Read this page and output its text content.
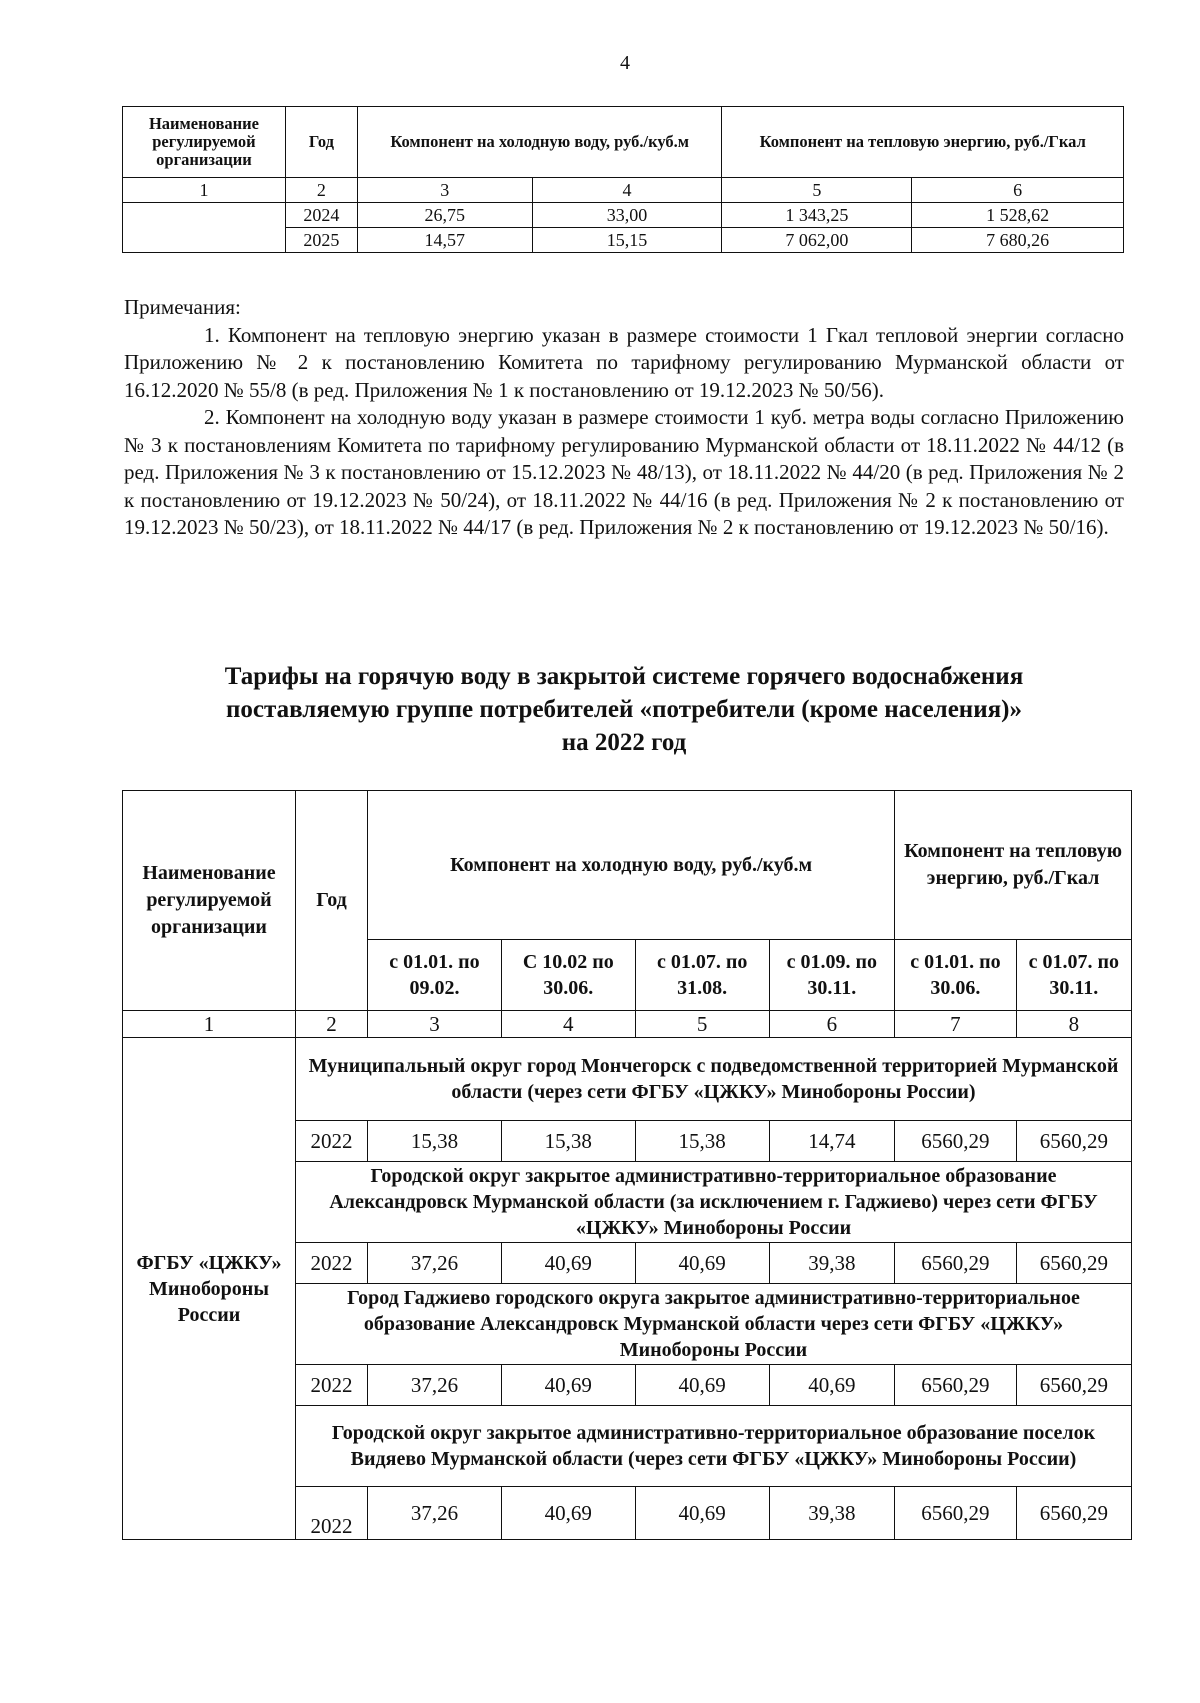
4
Наименование регулируемой организации	Год	Компонент на холодную воду, руб./куб.м		Компонент на тепловую энергию, руб./Гкал	
1	2	3	4	5	6
	2024	26,75	33,00	1 343,25	1 528,62
	2025	14,57	15,15	7 062,00	7 680,26

Примечания:

1. Компонент на тепловую энергию указан в размере стоимости 1 Гкал тепловой энергии согласно Приложению № 2 к постановлению Комитета по тарифному регулированию Мурманской области от 16.12.2020 № 55/8 (в ред. Приложения № 1 к постановлению от 19.12.2023 № 50/56).

2. Компонент на холодную воду указан в размере стоимости 1 куб. метра воды согласно Приложению № 3 к постановлениям Комитета по тарифному регулированию Мурманской области от 18.11.2022 № 44/12 (в ред. Приложения № 3 к постановлению от 15.12.2023 № 48/13), от 18.11.2022 № 44/20 (в ред. Приложения № 2 к постановлению от 19.12.2023 № 50/24), от 18.11.2022 № 44/16 (в ред. Приложения № 2 к постановлению от 19.12.2023 № 50/23), от 18.11.2022 № 44/17 (в ред. Приложения № 2 к постановлению от 19.12.2023 № 50/16).

Тарифы на горячую воду в закрытой системе горячего водоснабжения
поставляемую группе потребителей «потребители (кроме населения)»
на 2022 год
Наименование регулируемой организации	Год	Компонент на холодную воду, руб./куб.м				Компонент на тепловую энергию, руб./Гкал	
		с 01.01. по 09.02.	С 10.02 по 30.06.	с 01.07. по 31.08.	с 01.09. по 30.11.	с 01.01. по 30.06.	с 01.07. по 30.11.
1	2	3	4	5	6	7	8
ФГБУ «ЦЖКУ» Минобороны России	Муниципальный округ город Мончегорск с подведомственной территорией Мурманской области (через сети ФГБУ «ЦЖКУ» Минобороны России)						
	2022	15,38	15,38	15,38	14,74	6560,29	6560,29
	Городской округ закрытое административно-территориальное образование Александровск Мурманской области (за исключением г. Гаджиево) через сети ФГБУ «ЦЖКУ» Минобороны России						
	2022	37,26	40,69	40,69	39,38	6560,29	6560,29
	Город Гаджиево городского округа закрытое административно-территориальное образование Александровск Мурманской области через сети ФГБУ «ЦЖКУ» Минобороны России						
	2022	37,26	40,69	40,69	40,69	6560,29	6560,29
	Городской округ закрытое административно-территориальное образование поселок Видяево Мурманской области (через сети ФГБУ «ЦЖКУ» Минобороны России)						
	2022	37,26	40,69	40,69	39,38	6560,29	6560,29
